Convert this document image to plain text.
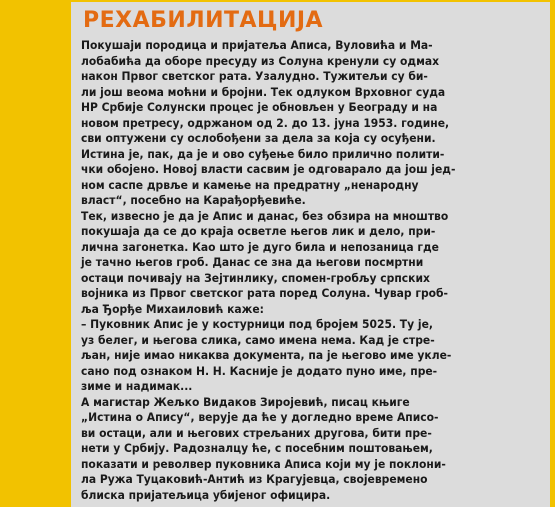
РЕХАБИЛИТАЦИЈА
Покушаји породица и пријатеља Аписа, Вуловића и Ма-
лобабића да оборе пресуду из Солуна кренули су одмах
након Првог светског рата. Узалудно. Тужитељи су би-
ли још веома моћни и бројни. Тек одлуком Врховног суда
НР Србије Солунски процес је обновљен у Београду и на
новом претресу, одржаном од 2. до 13. јуна 1953. године,
сви оптужени су ослобођени за дела за која су осуђени.
Истина је, пак, да је и ово суђење било прилично полити-
чки обојено. Новој власти сасвим је одговарало да још јед-
ном саспе дрвље и камење на предратну „ненародну
власт“, посебно на Карађорђевиће.
Тек, извесно је да је Апис и данас, без обзира на мноштво
покушаја да се до краја осветле његов лик и дело, при-
лична загонетка. Као што је дуго била и непозаница где
је тачно његов гроб. Данас се зна да његови посмртни
остаци почивају на Зејтинлику, спомен-гробљу српских
војника из Првог светског рата поред Солуна. Чувар гроб-
ља Ђорђе Михаиловић каже:
– Пуковник Апис је у костурници под бројем 5025. Ту је,
уз белег, и његова слика, само имена нема. Кад је стре-
љан, није имао никаква документа, па је његово име укле-
сано под ознаком Н. Н. Касније је додато пуно име, пре-
зиме и надимак...
А магистар Жељко Видаков Зиројевић, писац књиге
„Истина о Апису“, верује да ће у догледно време Аписо-
ви остаци, али и његових стрељаних другова, бити пре-
нети у Србију. Радозналцу ће, с посебним поштовањем,
показати и револвер пуковника Аписа који му је поклони-
ла Ружа Туцаковић-Антић из Крагујевца, својевремено
блиска пријатељица убијеног официра.
